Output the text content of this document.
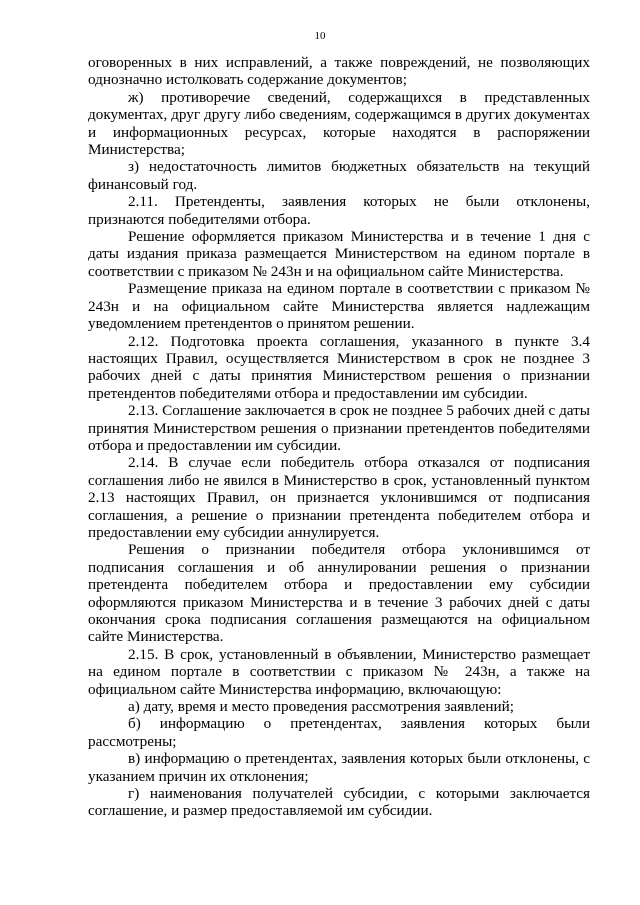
10

оговоренных в них исправлений, а также повреждений, не позволяющих однозначно истолковать содержание документов;

ж) противоречие сведений, содержащихся в представленных документах, друг другу либо сведениям, содержащимся в других документах и информационных ресурсах, которые находятся в распоряжении Министерства;

з) недостаточность лимитов бюджетных обязательств на текущий финансовый год.

2.11. Претенденты, заявления которых не были отклонены, признаются победителями отбора.

Решение оформляется приказом Министерства и в течение 1 дня с даты издания приказа размещается Министерством на едином портале в соответствии с приказом № 243н и на официальном сайте Министерства.

Размещение приказа на едином портале в соответствии с приказом № 243н и на официальном сайте Министерства является надлежащим уведомлением претендентов о принятом решении.

2.12. Подготовка проекта соглашения, указанного в пункте 3.4 настоящих Правил, осуществляется Министерством в срок не позднее 3 рабочих дней с даты принятия Министерством решения о признании претендентов победителями отбора и предоставлении им субсидии.

2.13. Соглашение заключается в срок не позднее 5 рабочих дней с даты принятия Министерством решения о признании претендентов победителями отбора и предоставлении им субсидии.

2.14. В случае если победитель отбора отказался от подписания соглашения либо не явился в Министерство в срок, установленный пунктом 2.13 настоящих Правил, он признается уклонившимся от подписания соглашения, а решение о признании претендента победителем отбора и предоставлении ему субсидии аннулируется.

Решения о признании победителя отбора уклонившимся от подписания соглашения и об аннулировании решения о признании претендента победителем отбора и предоставлении ему субсидии оформляются приказом Министерства и в течение 3 рабочих дней с даты окончания срока подписания соглашения размещаются на официальном сайте Министерства.

2.15. В срок, установленный в объявлении, Министерство размещает на едином портале в соответствии с приказом № 243н, а также на официальном сайте Министерства информацию, включающую:

а) дату, время и место проведения рассмотрения заявлений;

б) информацию о претендентах, заявления которых были рассмотрены;

в) информацию о претендентах, заявления которых были отклонены, с указанием причин их отклонения;

г) наименования получателей субсидии, с которыми заключается соглашение, и размер предоставляемой им субсидии.
